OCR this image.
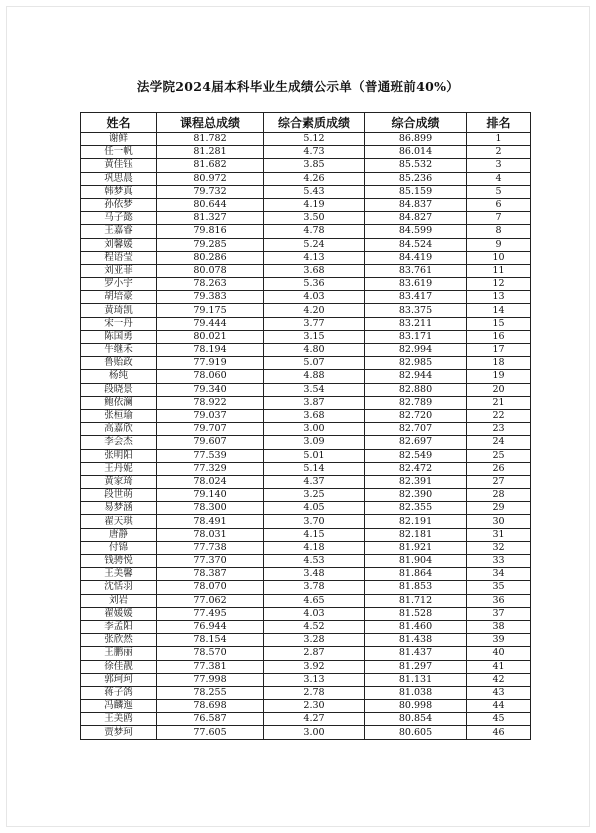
法学院2024届本科毕业生成绩公示单（普通班前40%）
姓名	课程总成绩	综合素质成绩	综合成绩	排名
谢鲜	81.782	5.12	86.899	1
任一帆	81.281	4.73	86.014	2
黄佳钰	81.682	3.85	85.532	3
巩思晨	80.972	4.26	85.236	4
韩梦真	79.732	5.43	85.159	5
孙依梦	80.644	4.19	84.837	6
马子懿	81.327	3.50	84.827	7
王嘉睿	79.816	4.78	84.599	8
刘馨媛	79.285	5.24	84.524	9
程语莹	80.286	4.13	84.419	10
刘亚菲	80.078	3.68	83.761	11
罗小宇	78.263	5.36	83.619	12
胡培豪	79.383	4.03	83.417	13
黄琦凯	79.175	4.20	83.375	14
宋一丹	79.444	3.77	83.211	15
陈国勇	80.021	3.15	83.171	16
牛继禾	78.194	4.80	82.994	17
鲁贻政	77.919	5.07	82.985	18
杨纯	78.060	4.88	82.944	19
段晓景	79.340	3.54	82.880	20
鲍依澜	78.922	3.87	82.789	21
张桓瑜	79.037	3.68	82.720	22
高嘉欣	79.707	3.00	82.707	23
李会杰	79.607	3.09	82.697	24
张明阳	77.539	5.01	82.549	25
王丹妮	77.329	5.14	82.472	26
黄家琦	78.024	4.37	82.391	27
段世萌	79.140	3.25	82.390	28
易梦涵	78.300	4.05	82.355	29
翟天琪	78.491	3.70	82.191	30
唐静	78.031	4.15	82.181	31
付锦	77.738	4.18	81.921	32
钱骋悦	77.370	4.53	81.904	33
王美馨	78.387	3.48	81.864	34
沈恬羽	78.070	3.78	81.853	35
刘岩	77.062	4.65	81.712	36
翟媛媛	77.495	4.03	81.528	37
李孟阳	76.944	4.52	81.460	38
张欣然	78.154	3.28	81.438	39
王鹏丽	78.570	2.87	81.437	40
徐佳靓	77.381	3.92	81.297	41
郭珂珂	77.998	3.13	81.131	42
蒋子鸽	78.255	2.78	81.038	43
冯麟迤	78.698	2.30	80.998	44
王美鸥	76.587	4.27	80.854	45
贾梦珂	77.605	3.00	80.605	46
